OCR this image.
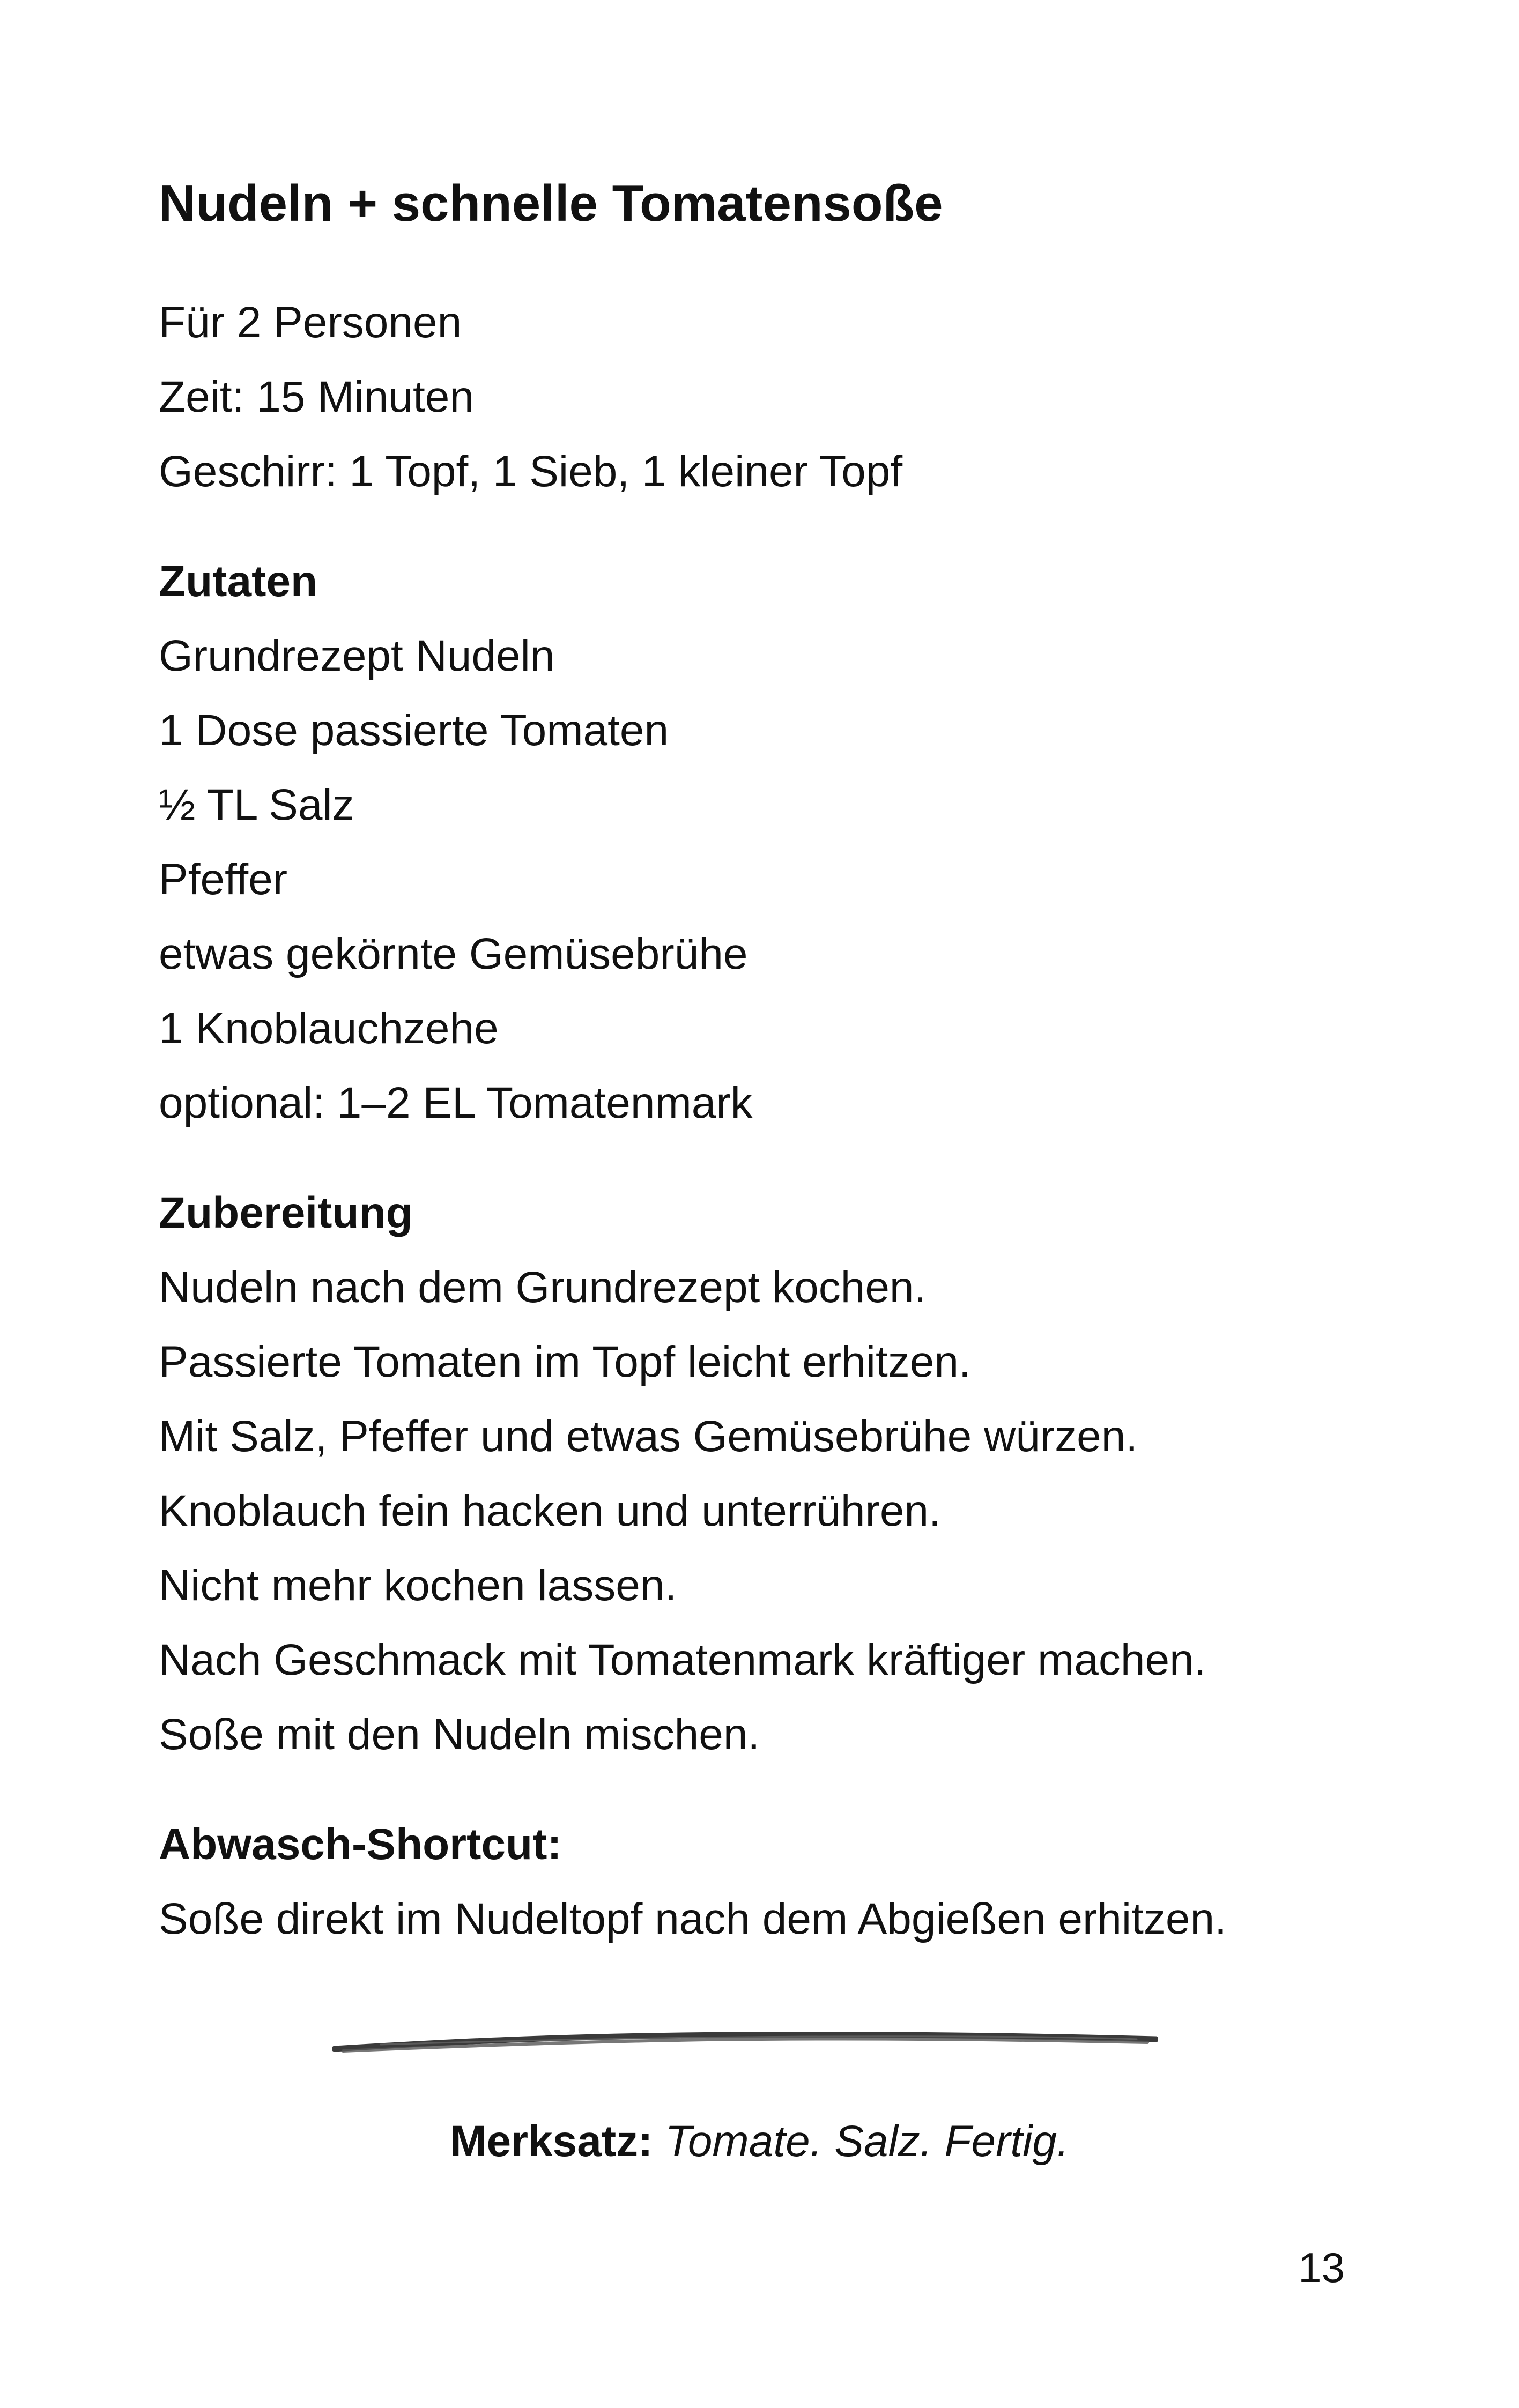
Nudeln + schnelle Tomatensoße
Für 2 Personen
Zeit: 15 Minuten
Geschirr: 1 Topf, 1 Sieb, 1 kleiner Topf
Zutaten
Grundrezept Nudeln
1 Dose passierte Tomaten
½ TL Salz
Pfeffer
etwas gekörnte Gemüsebrühe
1 Knoblauchzehe
optional: 1–2 EL Tomatenmark
Zubereitung
Nudeln nach dem Grundrezept kochen.
Passierte Tomaten im Topf leicht erhitzen.
Mit Salz, Pfeffer und etwas Gemüsebrühe würzen.
Knoblauch fein hacken und unterrühren.
Nicht mehr kochen lassen.
Nach Geschmack mit Tomatenmark kräftiger machen.
Soße mit den Nudeln mischen.
Abwasch-Shortcut:
Soße direkt im Nudeltopf nach dem Abgießen erhitzen.
Merksatz: Tomate. Salz. Fertig.
13
